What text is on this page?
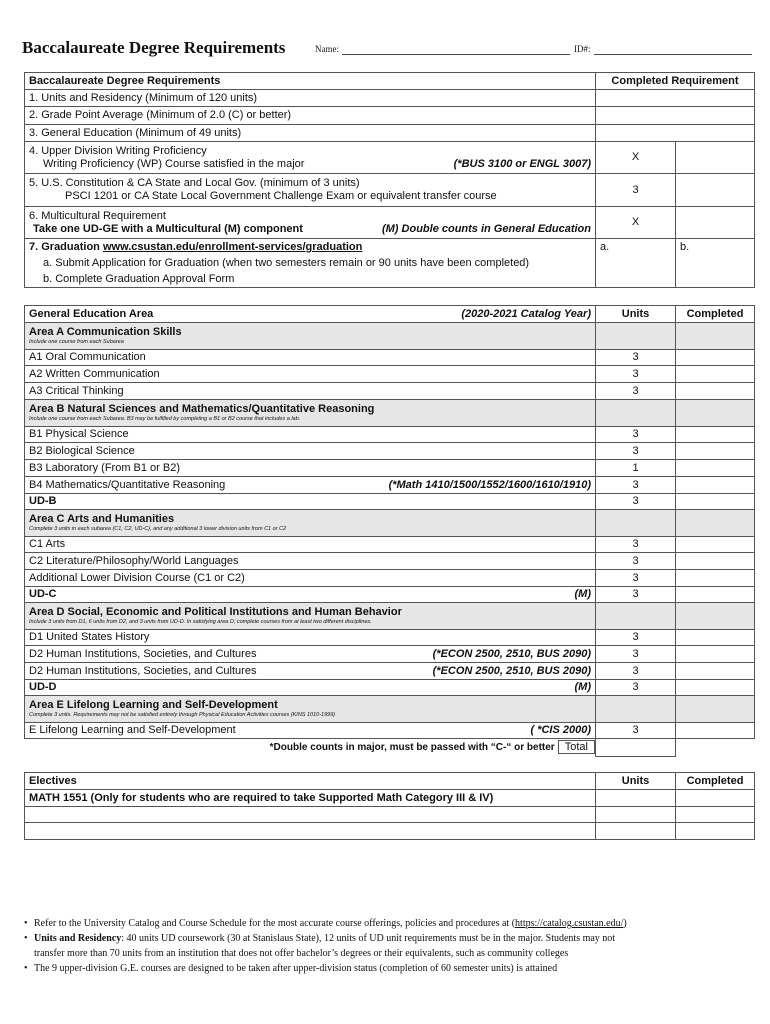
Baccalaureate Degree Requirements	Name:	ID#:
Baccalaureate Degree Requirements	Completed Requirement	
1. Units and Residency (Minimum of 120 units)		
2. Grade Point Average (Minimum of 2.0 (C) or better)		
3. General Education (Minimum of 49 units)		

4. Upper Division Writing Proficiency
Writing Proficiency (WP) Course satisfied in the major (*BUS 3100 or ENGL 3007)	X	

5. U.S. Constitution & CA State and Local Gov. (minimum of 3 units)
PSCI 1201 or CA State Local Government Challenge Exam or equivalent transfer course	3	

6. Multicultural Requirement
Take one UD-GE with a Multicultural (M) component (M) Double counts in General Education	X	

7. Graduation www.csustan.edu/enrollment-services/graduation
a. Submit Application for Graduation (when two semesters remain or 90 units have been completed)
b. Complete Graduation Approval Form	a.	b.
General Education Area (2020-2021 Catalog Year)	Units	Completed

Area A Communication Skills
Include one course from each Subarea		

A1 Oral Communication	3	
A2 Written Communication	3	
A3 Critical Thinking	3	

Area B Natural Sciences and Mathematics/Quantitative Reasoning
Include one course from each Subarea. B3 may be fulfilled by completing a B1 or B2 course that includes a lab.		

B1 Physical Science	3	
B2 Biological Science	3	
B3 Laboratory (From B1 or B2)	1	

B4 Mathematics/Quantitative Reasoning (*Math 1410/1500/1552/1600/1610/1910)	3	
UD-B	3	

Area C Arts and Humanities
Complete 3 units in each subarea (C1, C2, UD-C), and any additional 3 lower division units from C1 or C2		

C1 Arts	3	
C2 Literature/Philosophy/World Languages	3	
Additional Lower Division Course (C1 or C2)	3	

UD-C (M)	3	

Area D Social, Economic and Political Institutions and Human Behavior
Include 3 units from D1, 6 units from D2, and 3 units from UD-D. In satisfying area D, complete courses from at least two different disciplines.		

D1 United States History	3	

D2 Human Institutions, Societies, and Cultures (*ECON 2500, 2510, BUS 2090)	3	

D2 Human Institutions, Societies, and Cultures (*ECON 2500, 2510, BUS 2090)	3	

UD-D (M)	3	

Area E Lifelong Learning and Self-Development
Complete 3 units. Requirements may not be satisfied entirely through Physical Education Activities courses (KINS 1010-1999)		

E Lifelong Learning and Self-Development ( *CIS 2000)	3	
*Double counts in major, must be passed with “C-“ or better Total		
Electives	Units	Completed
MATH 1551 (Only for students who are required to take Supported Math Category III & IV)		

• Refer to the University Catalog and Course Schedule for the most accurate course offerings, policies and procedures at (https://catalog.csustan.edu/)
• Units and Residency: 40 units UD coursework (30 at Stanislaus State), 12 units of UD unit requirements must be in the major. Students may not
transfer more than 70 units from an institution that does not offer bachelor’s degrees or their equivalents, such as community colleges
• The 9 upper-division G.E. courses are designed to be taken after upper-division status (completion of 60 semester units) is attained
